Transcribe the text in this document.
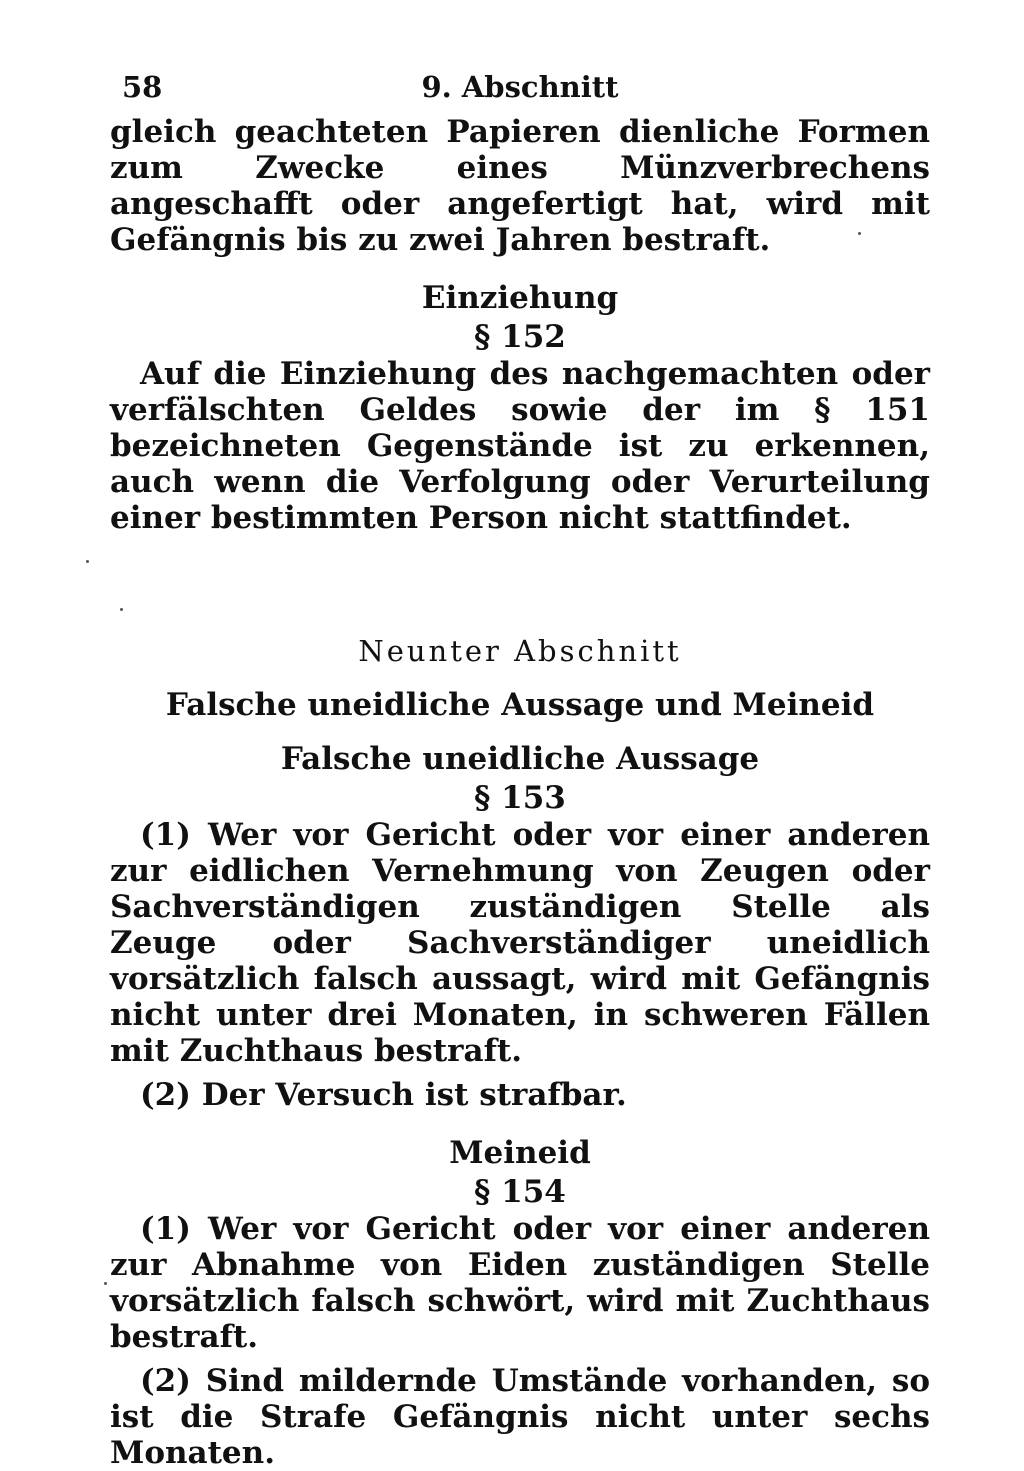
58	9. Abschnitt

gleich geachteten Papieren dienliche Formen zum Zwecke eines Münzverbrechens angeschafft oder angefertigt hat, wird mit Gefängnis bis zu zwei Jahren bestraft.

Einziehung
§ 152

Auf die Einziehung des nachgemachten oder verfälschten Geldes sowie der im § 151 bezeichneten Gegenstände ist zu erkennen, auch wenn die Verfolgung oder Verurteilung einer bestimmten Person nicht stattfindet.

Neunter Abschnitt
Falsche uneidliche Aussage und Meineid
Falsche uneidliche Aussage
§ 153

(1) Wer vor Gericht oder vor einer anderen zur eidlichen Vernehmung von Zeugen oder Sachverständigen zuständigen Stelle als Zeuge oder Sachverständiger uneidlich vorsätzlich falsch aussagt, wird mit Gefängnis nicht unter drei Monaten, in schweren Fällen mit Zuchthaus bestraft.

(2) Der Versuch ist strafbar.

Meineid
§ 154

(1) Wer vor Gericht oder vor einer anderen zur Abnahme von Eiden zuständigen Stelle vorsätzlich falsch schwört, wird mit Zuchthaus bestraft.

(2) Sind mildernde Umstände vorhanden, so ist die Strafe Gefängnis nicht unter sechs Monaten.
